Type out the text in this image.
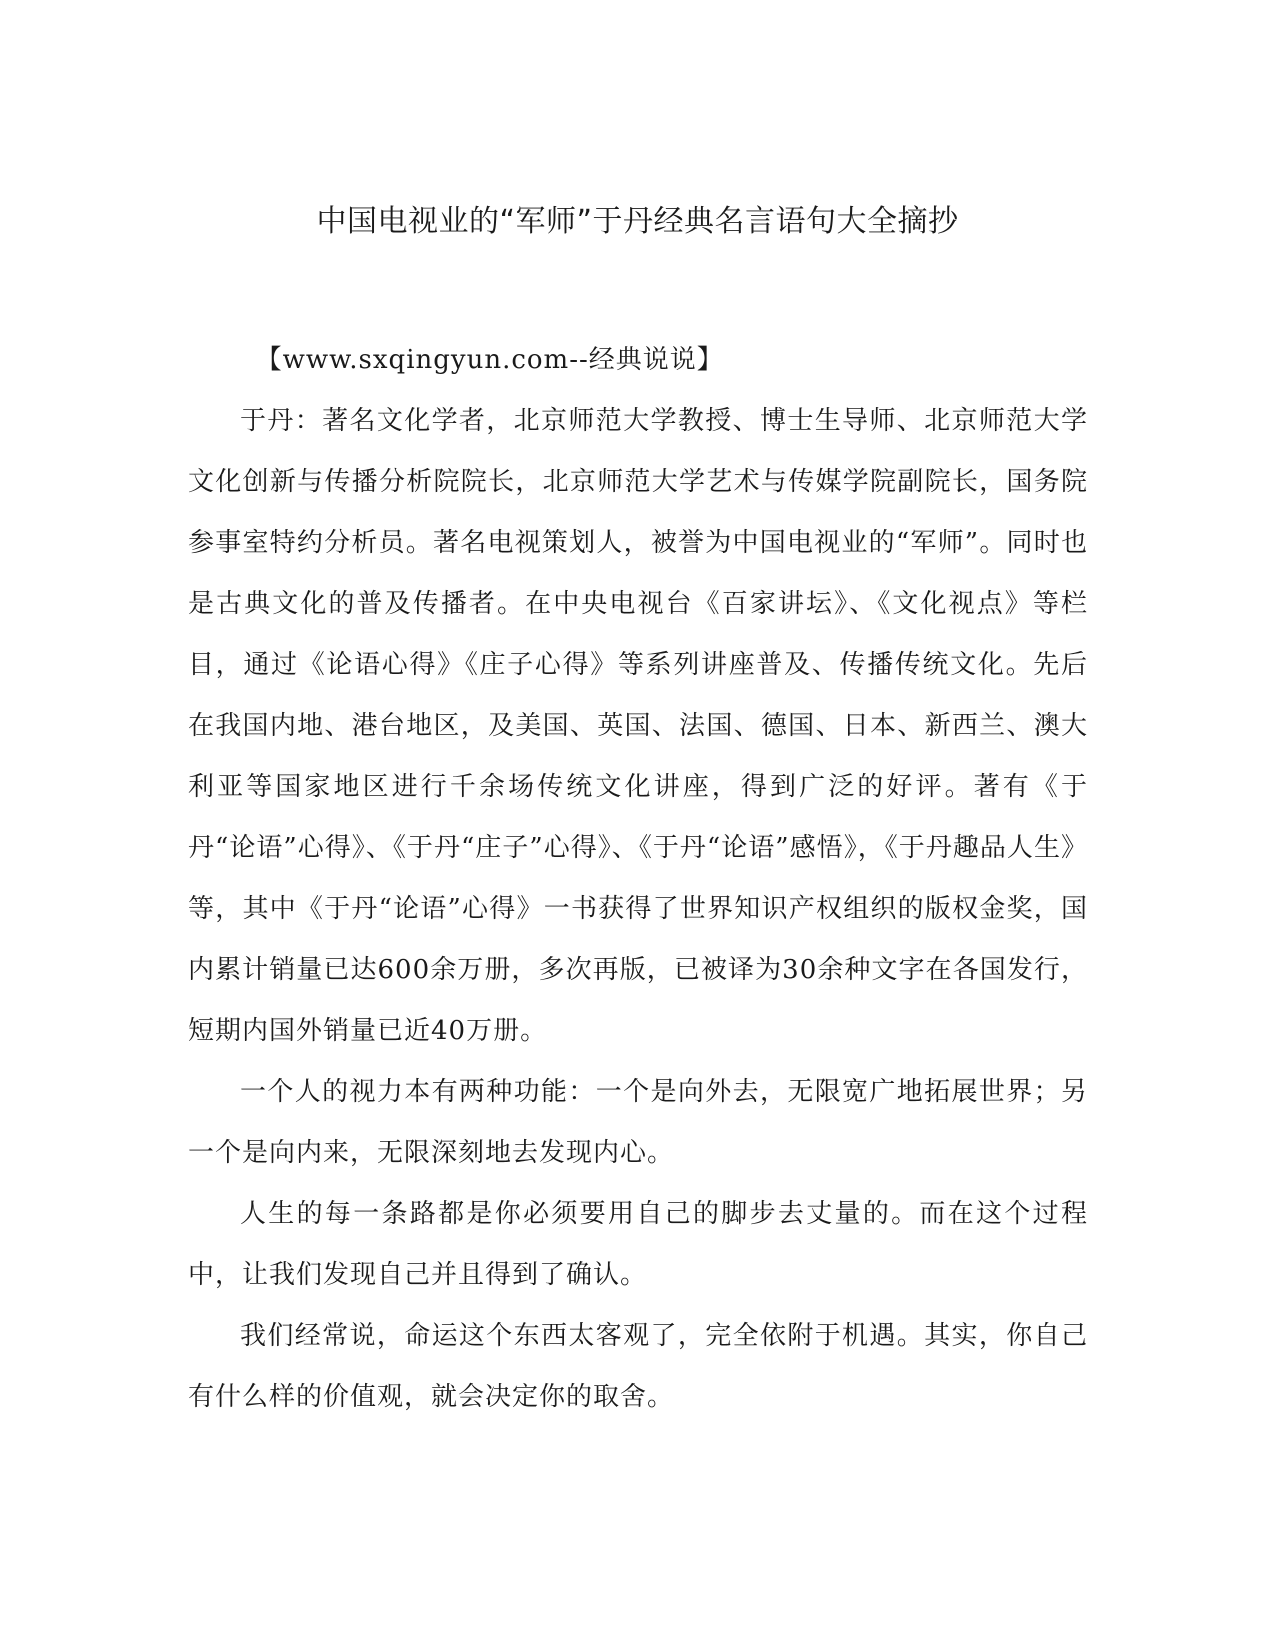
中国电视业的“军师”于丹经典名言语句大全摘抄

【www.sxqingyun.com--经典说说】

于丹：著名文化学者，北京师范大学教授、博士生导师、北京师范大学文化创新与传播分析院院长，北京师范大学艺术与传媒学院副院长，国务院参事室特约分析员。著名电视策划人，被誉为中国电视业的“军师”。同时也是古典文化的普及传播者。在中央电视台《百家讲坛》、《文化视点》等栏目，通过《论语心得》《庄子心得》等系列讲座普及、传播传统文化。先后在我国内地、港台地区，及美国、英国、法国、德国、日本、新西兰、澳大利亚等国家地区进行千余场传统文化讲座，得到广泛的好评。著有《于丹“论语”心得》、《于丹“庄子”心得》、《于丹“论语”感悟》，《于丹趣品人生》等，其中《于丹“论语”心得》一书获得了世界知识产权组织的版权金奖，国内累计销量已达600余万册，多次再版，已被译为30余种文字在各国发行，短期内国外销量已近40万册。

一个人的视力本有两种功能：一个是向外去，无限宽广地拓展世界；另一个是向内来，无限深刻地去发现内心。

人生的每一条路都是你必须要用自己的脚步去丈量的。而在这个过程中，让我们发现自己并且得到了确认。

我们经常说，命运这个东西太客观了，完全依附于机遇。其实，你自己有什么样的价值观，就会决定你的取舍。
